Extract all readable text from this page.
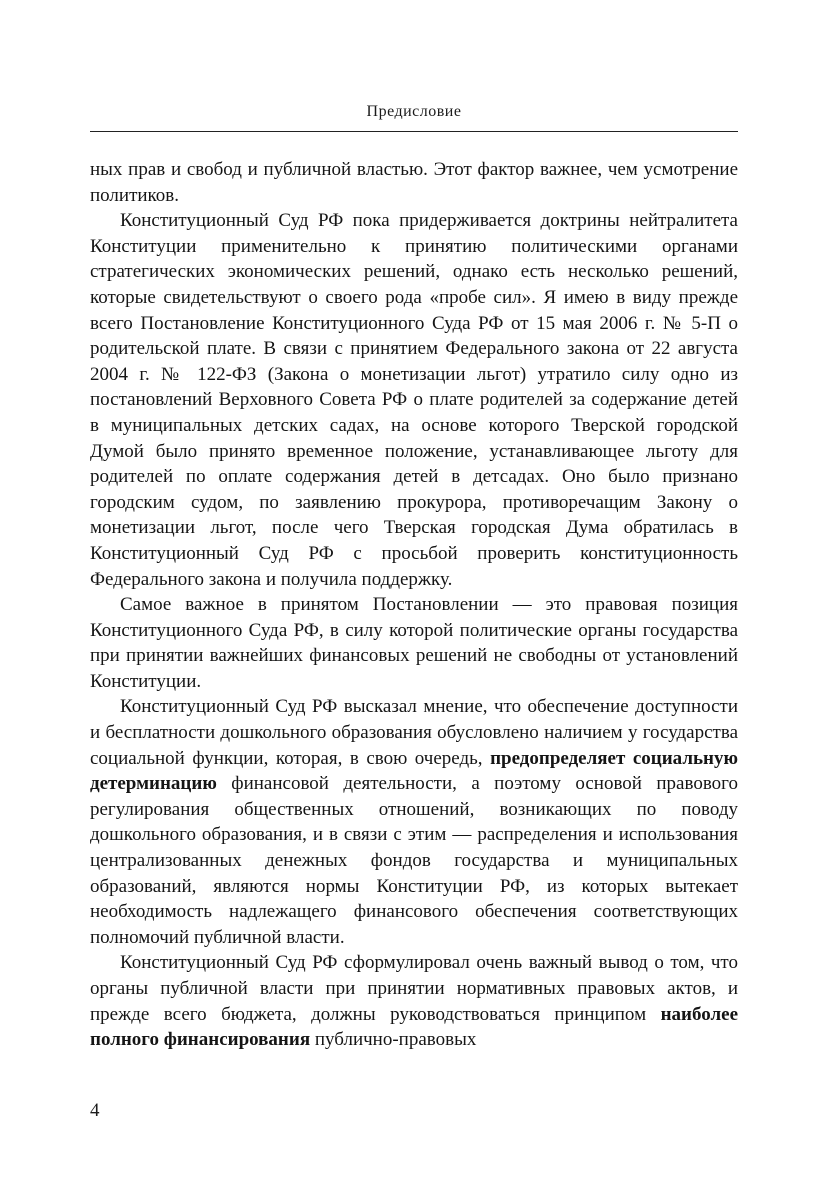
Предисловие

ных прав и свобод и публичной властью. Этот фактор важнее, чем усмотрение политиков.

Конституционный Суд РФ пока придерживается доктрины нейтралитета Конституции применительно к принятию политическими органами стратегических экономических решений, однако есть несколько решений, которые свидетельствуют о своего рода «пробе сил». Я имею в виду прежде всего Постановление Конституционного Суда РФ от 15 мая 2006 г. № 5-П о родительской плате. В связи с принятием Федерального закона от 22 августа 2004 г. № 122-ФЗ (Закона о монетизации льгот) утратило силу одно из постановлений Верховного Совета РФ о плате родителей за содержание детей в муниципальных детских садах, на основе которого Тверской городской Думой было принято временное положение, устанавливающее льготу для родителей по оплате содержания детей в детсадах. Оно было признано городским судом, по заявлению прокурора, противоречащим Закону о монетизации льгот, после чего Тверская городская Дума обратилась в Конституционный Суд РФ с просьбой проверить конституционность Федерального закона и получила поддержку.

Самое важное в принятом Постановлении — это правовая позиция Конституционного Суда РФ, в силу которой политические органы государства при принятии важнейших финансовых решений не свободны от установлений Конституции.

Конституционный Суд РФ высказал мнение, что обеспечение доступности и бесплатности дошкольного образования обусловлено наличием у государства социальной функции, которая, в свою очередь, предопределяет социальную детерминацию финансовой деятельности, а поэтому основой правового регулирования общественных отношений, возникающих по поводу дошкольного образования, и в связи с этим — распределения и использования централизованных денежных фондов государства и муниципальных образований, являются нормы Конституции РФ, из которых вытекает необходимость надлежащего финансового обеспечения соответствующих полномочий публичной власти.

Конституционный Суд РФ сформулировал очень важный вывод о том, что органы публичной власти при принятии нормативных правовых актов, и прежде всего бюджета, должны руководствоваться принципом наиболее полного финансирования публично-правовых

4
